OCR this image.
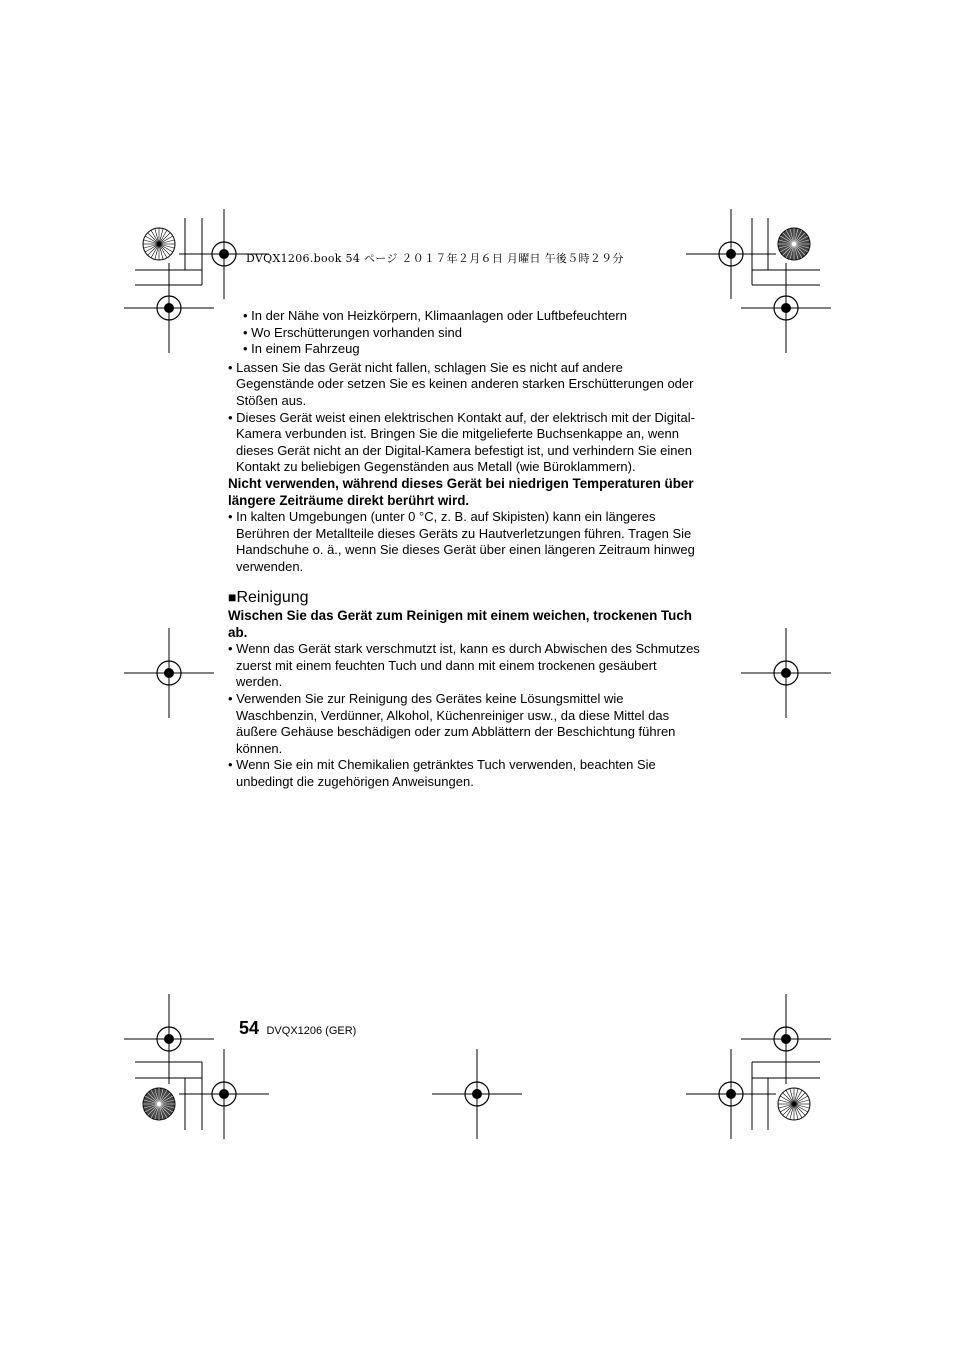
DVQX1206.book 54 ページ ２０１７年２月６日 月曜日 午後５時２９分
• In der Nähe von Heizkörpern, Klimaanlagen oder Luftbefeuchtern
• Wo Erschütterungen vorhanden sind
• In einem Fahrzeug
• Lassen Sie das Gerät nicht fallen, schlagen Sie es nicht auf andere Gegenstände oder setzen Sie es keinen anderen starken Erschütterungen oder Stößen aus.
• Dieses Gerät weist einen elektrischen Kontakt auf, der elektrisch mit der Digital-Kamera verbunden ist. Bringen Sie die mitgelieferte Buchsenkappe an, wenn dieses Gerät nicht an der Digital-Kamera befestigt ist, und verhindern Sie einen Kontakt zu beliebigen Gegenständen aus Metall (wie Büroklammern).
Nicht verwenden, während dieses Gerät bei niedrigen Temperaturen über längere Zeiträume direkt berührt wird.
• In kalten Umgebungen (unter 0 °C, z. B. auf Skipisten) kann ein längeres Berühren der Metallteile dieses Geräts zu Hautverletzungen führen. Tragen Sie Handschuhe o. ä., wenn Sie dieses Gerät über einen längeren Zeitraum hinweg verwenden.
■Reinigung
Wischen Sie das Gerät zum Reinigen mit einem weichen, trockenen Tuch ab.
• Wenn das Gerät stark verschmutzt ist, kann es durch Abwischen des Schmutzes zuerst mit einem feuchten Tuch und dann mit einem trockenen gesäubert werden.
• Verwenden Sie zur Reinigung des Gerätes keine Lösungsmittel wie Waschbenzin, Verdünner, Alkohol, Küchenreiniger usw., da diese Mittel das äußere Gehäuse beschädigen oder zum Abblättern der Beschichtung führen können.
• Wenn Sie ein mit Chemikalien getränktes Tuch verwenden, beachten Sie unbedingt die zugehörigen Anweisungen.
54 DVQX1206 (GER)
